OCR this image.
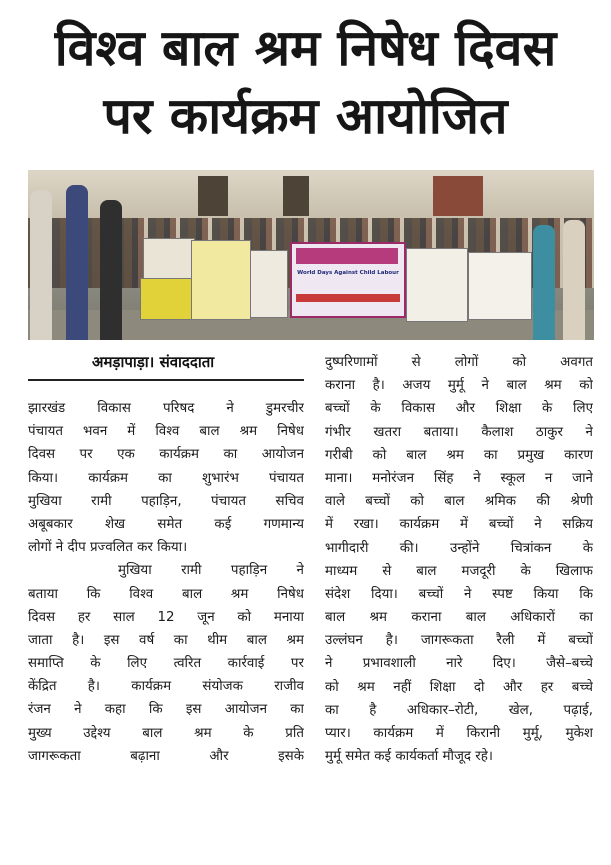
विश्व बाल श्रम निषेध दिवस
पर कार्यक्रम आयोजित
World Days Against Child Labour
अमड़ापाड़ा। संवाददाता
झारखंड विकास परिषद ने डुमरचीर
पंचायत भवन में विश्व बाल श्रम निषेध
दिवस पर एक कार्यक्रम का आयोजन
किया। कार्यक्रम का शुभारंभ पंचायत
मुखिया रामी पहाड़िन, पंचायत सचिव
अबूबकार शेख समेत कई गणमान्य
लोगों ने दीप प्रज्वलित कर किया।
मुखिया रामी पहाड़िन ने
बताया कि विश्व बाल श्रम निषेध
दिवस हर साल 12 जून को मनाया
जाता है। इस वर्ष का थीम बाल श्रम
समाप्ति के लिए त्वरित कार्रवाई पर
केंद्रित है। कार्यक्रम संयोजक राजीव
रंजन ने कहा कि इस आयोजन का
मुख्य उद्देश्य बाल श्रम के प्रति
जागरूकता बढ़ाना और इसके
दुष्परिणामों से लोगों को अवगत
कराना है। अजय मुर्मू ने बाल श्रम को
बच्चों के विकास और शिक्षा के लिए
गंभीर खतरा बताया। कैलाश ठाकुर ने
गरीबी को बाल श्रम का प्रमुख कारण
माना। मनोरंजन सिंह ने स्कूल न जाने
वाले बच्चों को बाल श्रमिक की श्रेणी
में रखा। कार्यक्रम में बच्चों ने सक्रिय
भागीदारी की। उन्होंने चित्रांकन के
माध्यम से बाल मजदूरी के खिलाफ
संदेश दिया। बच्चों ने स्पष्ट किया कि
बाल श्रम कराना बाल अधिकारों का
उल्लंघन है। जागरूकता रैली में बच्चों
ने प्रभावशाली नारे दिए। जैसे–बच्चे
को श्रम नहीं शिक्षा दो और हर बच्चे
का है अधिकार–रोटी, खेल, पढ़ाई,
प्यार। कार्यक्रम में किरानी मुर्मू, मुकेश
मुर्मू समेत कई कार्यकर्ता मौजूद रहे।
